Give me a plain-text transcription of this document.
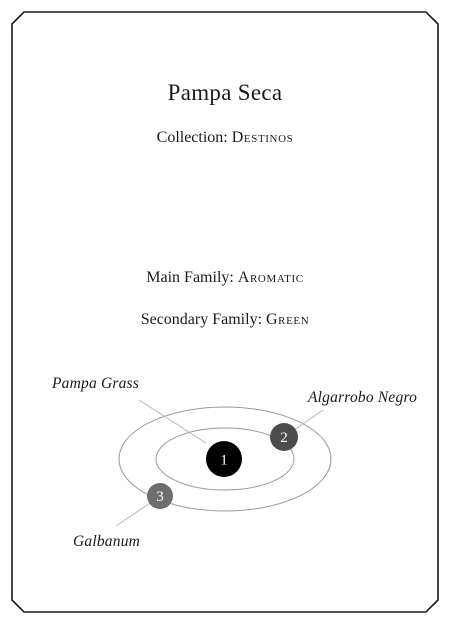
Pampa Seca
Collection: Destinos
Main Family: Aromatic
Secondary Family: Green
1
2
3
Pampa Grass
Algarrobo Negro
Galbanum
